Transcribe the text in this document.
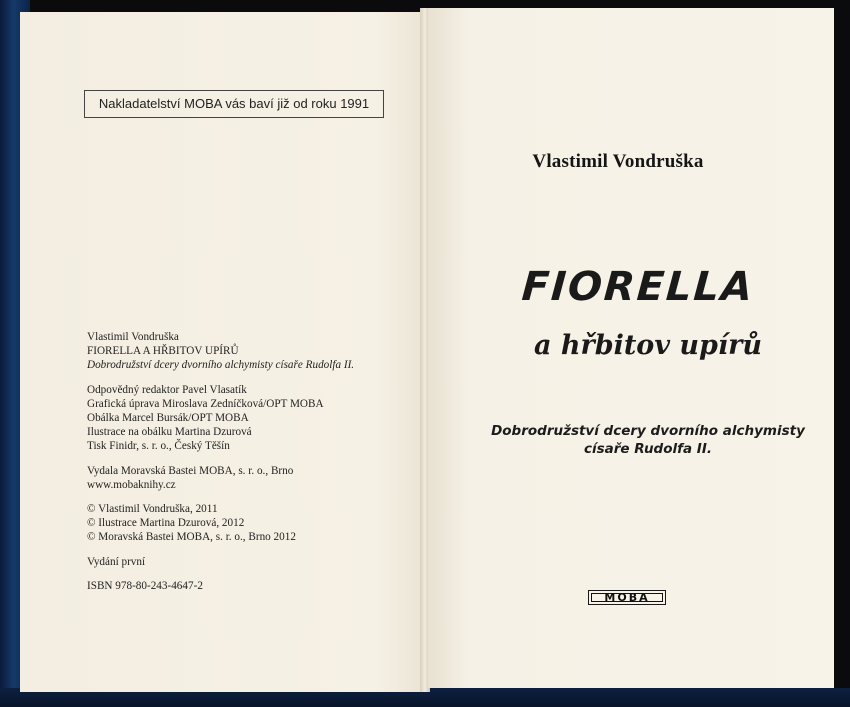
Nakladatelství MOBA vás baví již od roku 1991
Vlastimil Vondruška
FIORELLA A HŘBITOV UPÍRŮ
Dobrodružství dcery dvorního alchymisty císaře Rudolfa II.
Odpovědný redaktor Pavel Vlasatík
Grafická úprava Miroslava Zedníčková/OPT MOBA
Obálka Marcel Bursák/OPT MOBA
Ilustrace na obálku Martina Dzurová
Tisk Finidr, s. r. o., Český Těšín
Vydala Moravská Bastei MOBA, s. r. o., Brno
www.mobaknihy.cz
© Vlastimil Vondruška, 2011
© Ilustrace Martina Dzurová, 2012
© Moravská Bastei MOBA, s. r. o., Brno 2012
Vydání první
ISBN 978-80-243-4647-2
Vlastimil Vondruška
FIORELLA
a hřbitov upírů
Dobrodružství dcery dvorního alchymisty
císaře Rudolfa II.
MOBA
